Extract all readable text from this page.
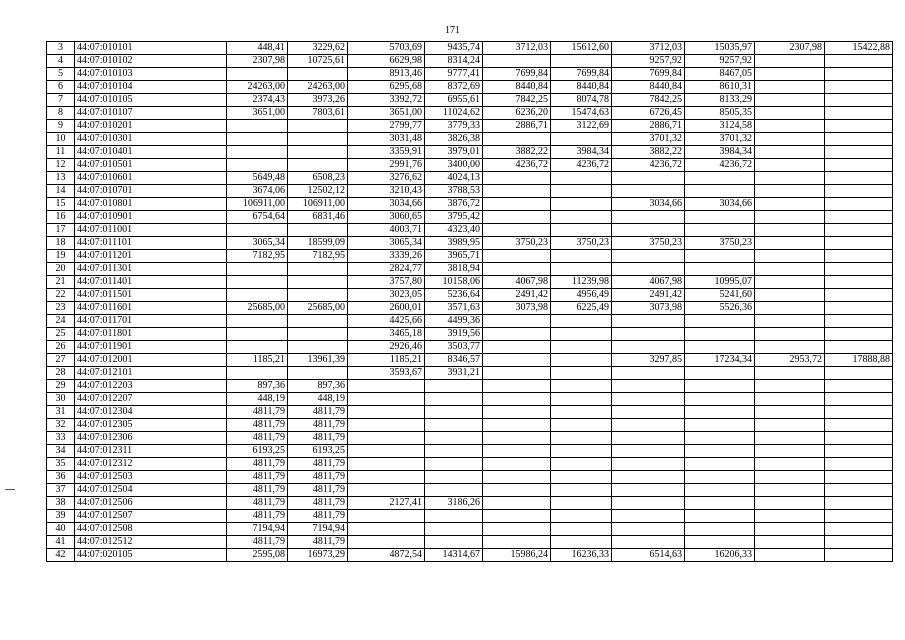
171
3	44:07:010101	448,41	3229,62	5703,69	9435,74	3712,03	15612,60	3712,03	15035,97	2307,98	15422,88
4	44:07:010102	2307,98	10725,61	6629,98	8314,24			9257,92	9257,92		
5	44:07:010103			8913,46	9777,41	7699,84	7699,84	7699,84	8467,05		
6	44:07:010104	24263,00	24263,00	6295,68	8372,69	8440,84	8440,84	8440,84	8610,31		
7	44:07:010105	2374,43	3973,26	3392,72	6955,61	7842,25	8074,78	7842,25	8133,29		
8	44:07:010107	3651,00	7803,61	3651,00	11024,62	6236,20	15474,63	6726,45	8505,35		
9	44:07:010201			2799,77	3779,33	2886,71	3122,69	2886,71	3124,58		
10	44:07:010301			3031,48	3826,38			3701,32	3701,32		
11	44:07:010401			3359,91	3979,01	3882,22	3984,34	3882,22	3984,34		
12	44:07:010501			2991,76	3400,00	4236,72	4236,72	4236,72	4236,72		
13	44:07:010601	5649,48	6508,23	3276,62	4024,13						
14	44:07:010701	3674,06	12502,12	3210,43	3788,53						
15	44:07:010801	106911,00	106911,00	3034,66	3876,72			3034,66	3034,66		
16	44:07:010901	6754,64	6831,46	3060,65	3795,42						
17	44:07:011001			4003,71	4323,40						
18	44:07:011101	3065,34	18599,09	3065,34	3989,95	3750,23	3750,23	3750,23	3750,23		
19	44:07:011201	7182,95	7182,95	3339,26	3965,71						
20	44:07:011301			2824,77	3818,94						
21	44:07:011401			3757,80	10158,06	4067,98	11239,98	4067,98	10995,07		
22	44:07:011501			3023,05	5236,64	2491,42	4956,49	2491,42	5241,60		
23	44:07:011601	25685,00	25685,00	2600,01	3571,63	3073,98	6225,49	3073,98	5526,36		
24	44:07:011701			4425,66	4499,36						
25	44:07:011801			3465,18	3919,56						
26	44:07:011901			2926,46	3503,77						
27	44:07:012001	1185,21	13961,39	1185,21	8346,57			3297,85	17234,34	2953,72	17888,88
28	44:07:012101			3593,67	3931,21						
29	44:07:012203	897,36	897,36								
30	44:07:012207	448,19	448,19								
31	44:07:012304	4811,79	4811,79								
32	44:07:012305	4811,79	4811,79								
33	44:07:012306	4811,79	4811,79								
34	44:07:012311	6193,25	6193,25								
35	44:07:012312	4811,79	4811,79								
36	44:07:012503	4811,79	4811,79								
37	44:07:012504	4811,79	4811,79								
38	44:07:012506	4811,79	4811,79	2127,41	3186,26						
39	44:07:012507	4811,79	4811,79								
40	44:07:012508	7194,94	7194,94								
41	44:07:012512	4811,79	4811,79								
42	44:07:020105	2595,08	16973,29	4872,54	14314,67	15986,24	16236,33	6514,63	16206,33		
